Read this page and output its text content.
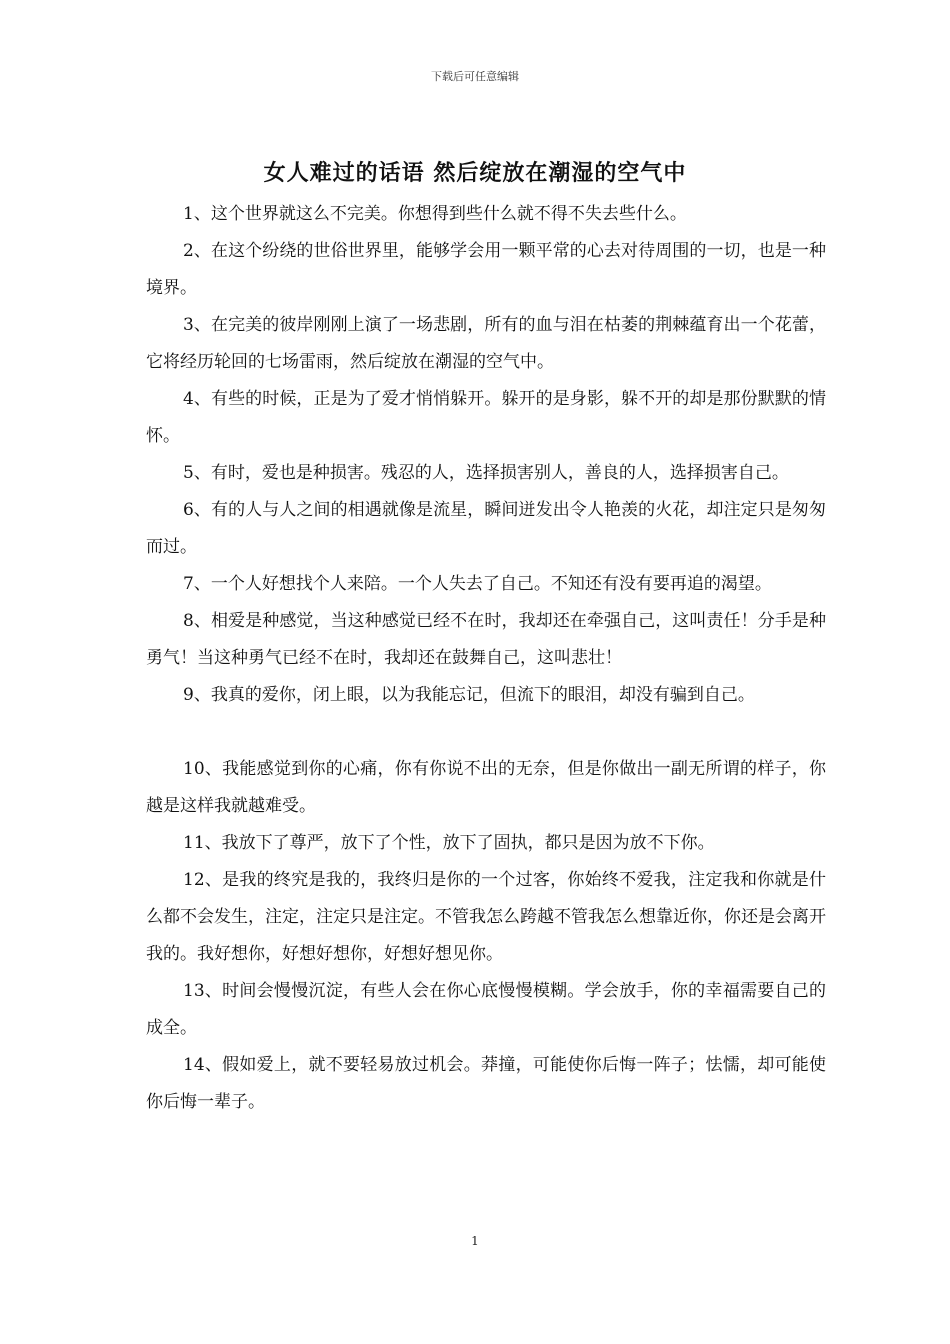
下载后可任意编辑
女人难过的话语 然后绽放在潮湿的空气中

1、这个世界就这么不完美。你想得到些什么就不得不失去些什么。

2、在这个纷绕的世俗世界里，能够学会用一颗平常的心去对待周围的一切，也是一种境界。

3、在完美的彼岸刚刚上演了一场悲剧，所有的血与泪在枯萎的荆棘蕴育出一个花蕾，它将经历轮回的七场雷雨，然后绽放在潮湿的空气中。

4、有些的时候，正是为了爱才悄悄躲开。躲开的是身影，躲不开的却是那份默默的情怀。

5、有时，爱也是种损害。残忍的人，选择损害别人，善良的人，选择损害自己。

6、有的人与人之间的相遇就像是流星，瞬间迸发出令人艳羡的火花，却注定只是匆匆而过。

7、一个人好想找个人来陪。一个人失去了自己。不知还有没有要再追的渴望。

8、相爱是种感觉，当这种感觉已经不在时，我却还在牵强自己，这叫责任！分手是种勇气！当这种勇气已经不在时，我却还在鼓舞自己，这叫悲壮！

9、我真的爱你，闭上眼，以为我能忘记，但流下的眼泪，却没有骗到自己。

10、我能感觉到你的心痛，你有你说不出的无奈，但是你做出一副无所谓的样子，你越是这样我就越难受。

11、我放下了尊严，放下了个性，放下了固执，都只是因为放不下你。

12、是我的终究是我的，我终归是你的一个过客，你始终不爱我，注定我和你就是什么都不会发生，注定，注定只是注定。不管我怎么跨越不管我怎么想靠近你，你还是会离开我的。我好想你，好想好想你，好想好想见你。

13、时间会慢慢沉淀，有些人会在你心底慢慢模糊。学会放手，你的幸福需要自己的成全。

14、假如爱上，就不要轻易放过机会。莽撞，可能使你后悔一阵子；怯懦，却可能使你后悔一辈子。

1
